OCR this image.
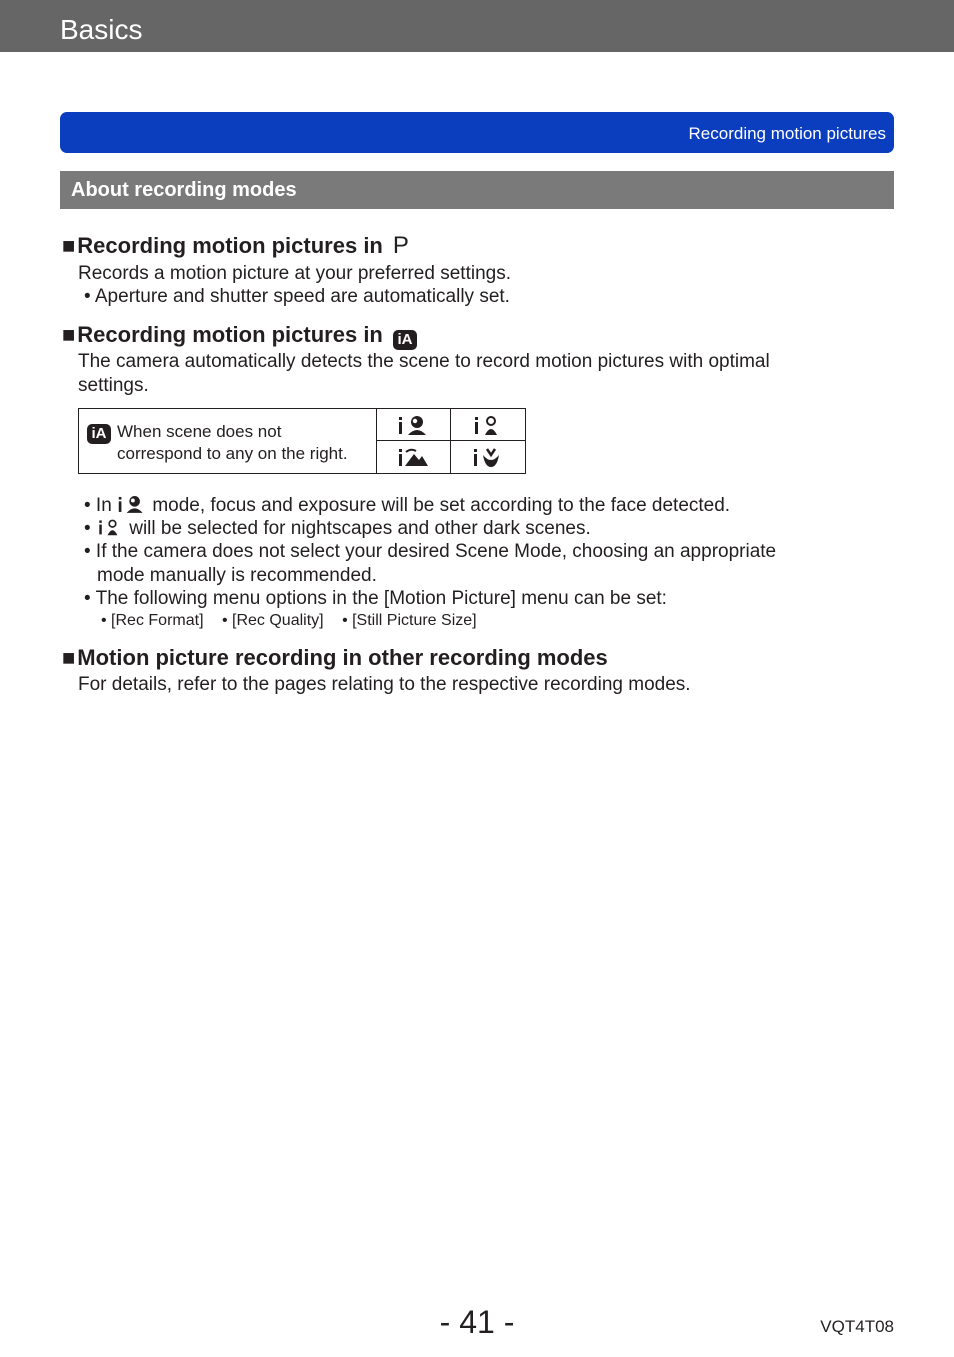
Basics
Recording motion pictures
About recording modes
■Recording motion pictures in P
Records a motion picture at your preferred settings.
• Aperture and shutter speed are automatically set.
■Recording motion pictures in iA
The camera automatically detects the scene to record motion pictures with optimal
settings.
iA When scene does not
correspond to any on the right.
• In mode, focus and exposure will be set according to the face detected.
• will be selected for nightscapes and other dark scenes.
• If the camera does not select your desired Scene Mode, choosing an appropriate
mode manually is recommended.
• The following menu options in the [Motion Picture] menu can be set:
• [Rec Format] • [Rec Quality] • [Still Picture Size]
■Motion picture recording in other recording modes
For details, refer to the pages relating to the respective recording modes.
- 41 -	VQT4T08
